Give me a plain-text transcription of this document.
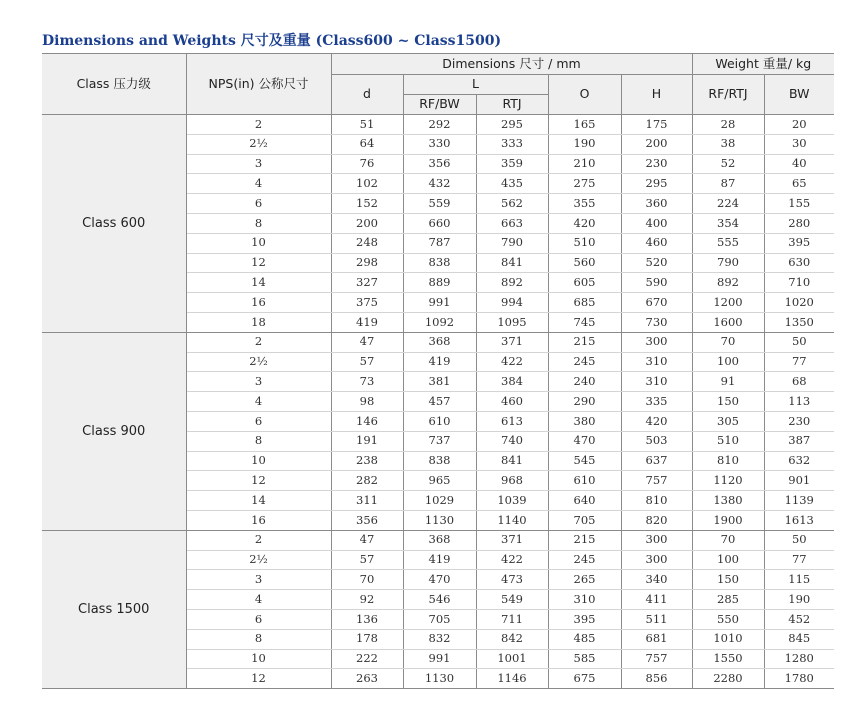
Dimensions and Weights 尺寸及重量 (Class600 ~ Class1500)
Class 压力级	NPS(in) 公称尺寸	Dimensions 尺寸 / mm					Weight 重量/ kg	
		d	L		O	H	RF/RTJ	BW
			RF/BW	RTJ				
Class 600	2	51	292	295	165	175	28	20
	2½	64	330	333	190	200	38	30
	3	76	356	359	210	230	52	40
	4	102	432	435	275	295	87	65
	6	152	559	562	355	360	224	155
	8	200	660	663	420	400	354	280
	10	248	787	790	510	460	555	395
	12	298	838	841	560	520	790	630
	14	327	889	892	605	590	892	710
	16	375	991	994	685	670	1200	1020
	18	419	1092	1095	745	730	1600	1350
Class 900	2	47	368	371	215	300	70	50
	2½	57	419	422	245	310	100	77
	3	73	381	384	240	310	91	68
	4	98	457	460	290	335	150	113
	6	146	610	613	380	420	305	230
	8	191	737	740	470	503	510	387
	10	238	838	841	545	637	810	632
	12	282	965	968	610	757	1120	901
	14	311	1029	1039	640	810	1380	1139
	16	356	1130	1140	705	820	1900	1613
Class 1500	2	47	368	371	215	300	70	50
	2½	57	419	422	245	300	100	77
	3	70	470	473	265	340	150	115
	4	92	546	549	310	411	285	190
	6	136	705	711	395	511	550	452
	8	178	832	842	485	681	1010	845
	10	222	991	1001	585	757	1550	1280
	12	263	1130	1146	675	856	2280	1780
